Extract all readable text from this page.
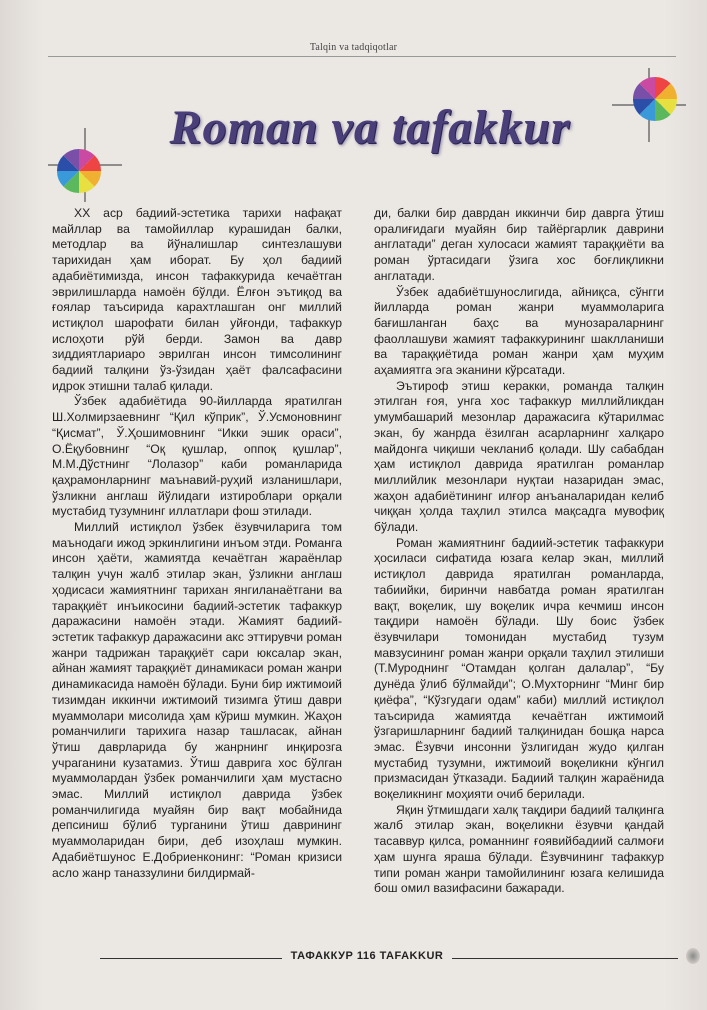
Talqin va tadqiqotlar
Roman va tafakkur

XX аср бадиий-эстетика тарихи нафақат майллар ва тамойиллар курашидан балки, методлар ва йўналишлар синтезлашуви тарихидан ҳам иборат. Бу ҳол бадиий адабиётимизда, инсон тафаккурида кечаётган эврилишларда намоён бўлди. Ёлғон эътиқод ва ғоялар таъсирида карахтлашган онг миллий истиқлол шарофати билан уйғонди, тафаккур ислоҳоти рўй берди. Замон ва давр зиддиятлариаро эврилган инсон тимсолининг бадиий талқини ўз-ўзидан ҳаёт фалсафасини идрок этишни талаб қилади.

Ўзбек адабиётида 90-йилларда яратилган Ш.Холмирзаевнинг “Қил кўприк”, Ў.Усмоновнинг “Қисмат”, Ў.Ҳошимовнинг “Икки эшик ораси”, О.Ёқубовнинг “Оқ қушлар, оппоқ қушлар”, М.М.Дўстнинг “Лолазор” каби романларида қаҳрамонларнинг маънавий-руҳий изланишлари, ўзликни англаш йўлидаги изтироблари орқали мустабид тузумнинг иллатлари фош этилади.

Миллий истиқлол ўзбек ёзувчиларига том маънодаги ижод эркинлигини инъом этди. Романга инсон ҳаёти, жамиятда кечаётган жараёнлар талқин учун жалб этилар экан, ўзликни англаш ҳодисаси жамиятнинг тарихан янгиланаётгани ва тараққиёт инъикосини бадиий-эстетик тафаккур даражасини намоён этади. Жамият бадиий-эстетик тафаккур даражасини акс эттирувчи роман жанри тадрижан тараққиёт сари юксалар экан, айнан жамият тараққиёт динамикаси роман жанри динамикасида намоён бўлади. Буни бир ижтимоий тизимдан иккинчи ижтимоий тизимга ўтиш даври муаммолари мисолида ҳам кўриш мумкин. Жаҳон романчилиги тарихига назар ташласак, айнан ўтиш даврларида бу жанрнинг инқирозга учраганини кузатамиз. Ўтиш даврига хос бўлган муаммолардан ўзбек романчилиги ҳам мустасно эмас. Миллий истиқлол даврида ўзбек романчилигида муайян бир вақт мобайнида депсиниш бўлиб турганини ўтиш даврининг муаммоларидан бири, деб изоҳлаш мумкин. Адабиётшунос Е.Добриенконинг: “Роман кризиси асло жанр таназзулини билдирмай-

ди, балки бир даврдан иккинчи бир даврга ўтиш оралиғидаги муайян бир тайёргарлик даврини англатади” деган хулосаси жамият тараққиёти ва роман ўртасидаги ўзига хос боғлиқликни англатади.

Ўзбек адабиётшунослигида, айниқса, сўнгги йилларда роман жанри муаммоларига бағишланган баҳс ва мунозараларнинг фаоллашуви жамият тафаккурининг шаклланиши ва тараққиётида роман жанри ҳам муҳим аҳамиятга эга эканини кўрсатади.

Эътироф этиш керакки, романда талқин этилган ғоя, унга хос тафаккур миллийликдан умумбашарий мезонлар даражасига кўтарилмас экан, бу жанрда ёзилган асарларнинг халқаро майдонга чиқиши чекланиб қолади. Шу сабабдан ҳам истиқлол даврида яратилган романлар миллийлик мезонлари нуқтаи назаридан эмас, жаҳон адабиётининг илғор анъаналаридан келиб чиққан ҳолда таҳлил этилса мақсадга мувофиқ бўлади.

Роман жамиятнинг бадиий-эстетик тафаккури ҳосиласи сифатида юзага келар экан, миллий истиқлол даврида яратилган романларда, табиийки, биринчи навбатда роман яратилган вақт, воқелик, шу воқелик ичра кечмиш инсон тақдири намоён бўлади. Шу боис ўзбек ёзувчилари томонидан мустабид тузум мавзусининг роман жанри орқали таҳлил этилиши (Т.Муроднинг “Отамдан қолган далалар”, “Бу дунёда ўлиб бўлмайди”; О.Мухторнинг “Минг бир қиёфа”, “Кўзгудаги одам” каби) миллий истиқлол таъсирида жамиятда кечаётган ижтимоий ўзгаришларнинг бадиий талқинидан бошқа нарса эмас. Ёзувчи инсонни ўзлигидан жудо қилган мустабид тузумни, ижтимоий воқеликни кўнгил призмасидан ўтказади. Бадиий талқин жараёнида воқеликнинг моҳияти очиб берилади.

Яқин ўтмишдаги халқ тақдири бадиий талқинга жалб этилар экан, воқеликни ёзувчи қандай тасаввур қилса, романнинг ғоявийбадиий салмоғи ҳам шунга яраша бўлади. Ёзувчининг тафаккур типи роман жанри тамойилининг юзага келишида бош омил вазифасини бажаради.

ТАФАККУР 116 TAFAKKUR
